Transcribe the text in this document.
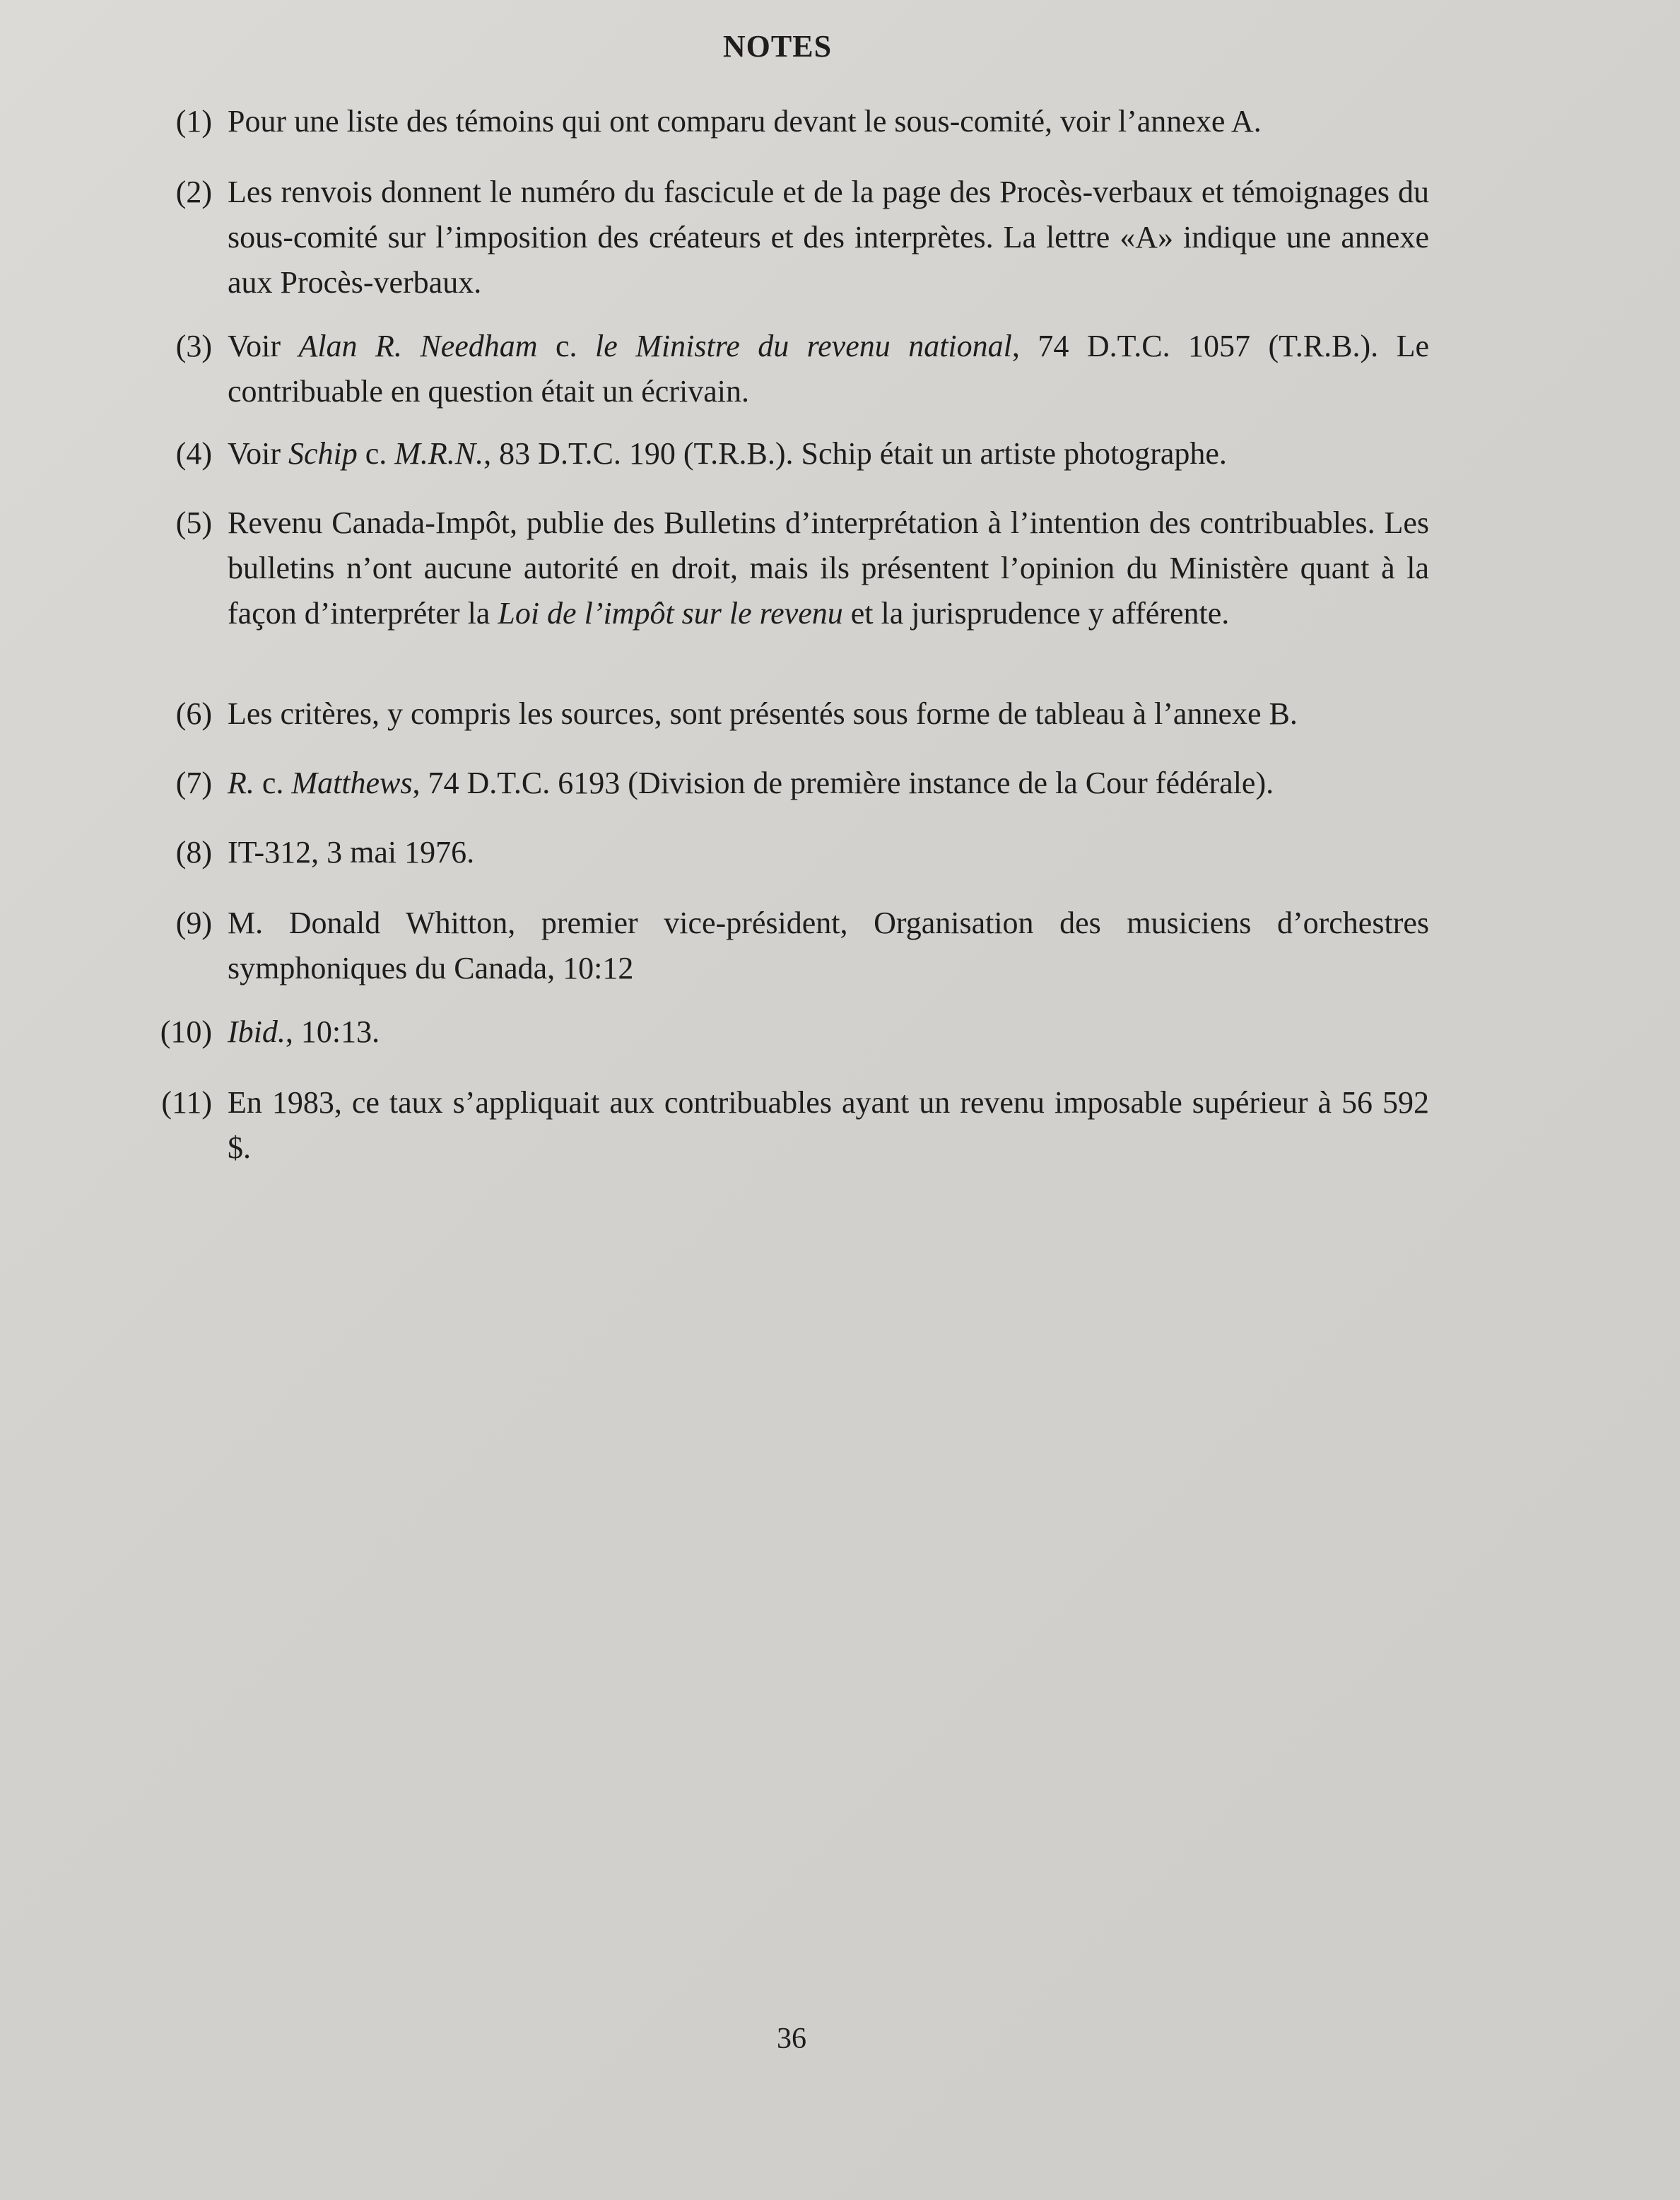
NOTES
(1) Pour une liste des témoins qui ont comparu devant le sous-comité, voir l’annexe A.
(2) Les renvois donnent le numéro du fascicule et de la page des Procès-verbaux et témoignages du sous-comité sur l’imposition des créateurs et des interprètes. La lettre «A» indique une annexe aux Procès-verbaux.
(3) Voir Alan R. Needham c. le Ministre du revenu national, 74 D.T.C. 1057 (T.R.B.). Le contribuable en question était un écrivain.
(4) Voir Schip c. M.R.N., 83 D.T.C. 190 (T.R.B.). Schip était un artiste photographe.
(5) Revenu Canada-Impôt, publie des Bulletins d’interprétation à l’intention des contribuables. Les bulletins n’ont aucune autorité en droit, mais ils présentent l’opinion du Ministère quant à la façon d’interpréter la Loi de l’impôt sur le revenu et la jurisprudence y afférente.
(6) Les critères, y compris les sources, sont présentés sous forme de tableau à l’annexe B.
(7) R. c. Matthews, 74 D.T.C. 6193 (Division de première instance de la Cour fédérale).
(8) IT-312, 3 mai 1976.
(9) M. Donald Whitton, premier vice-président, Organisation des musiciens d’orchestres symphoniques du Canada, 10:12
(10) Ibid., 10:13.
(11) En 1983, ce taux s’appliquait aux contribuables ayant un revenu imposable supérieur à 56 592 $.
36
